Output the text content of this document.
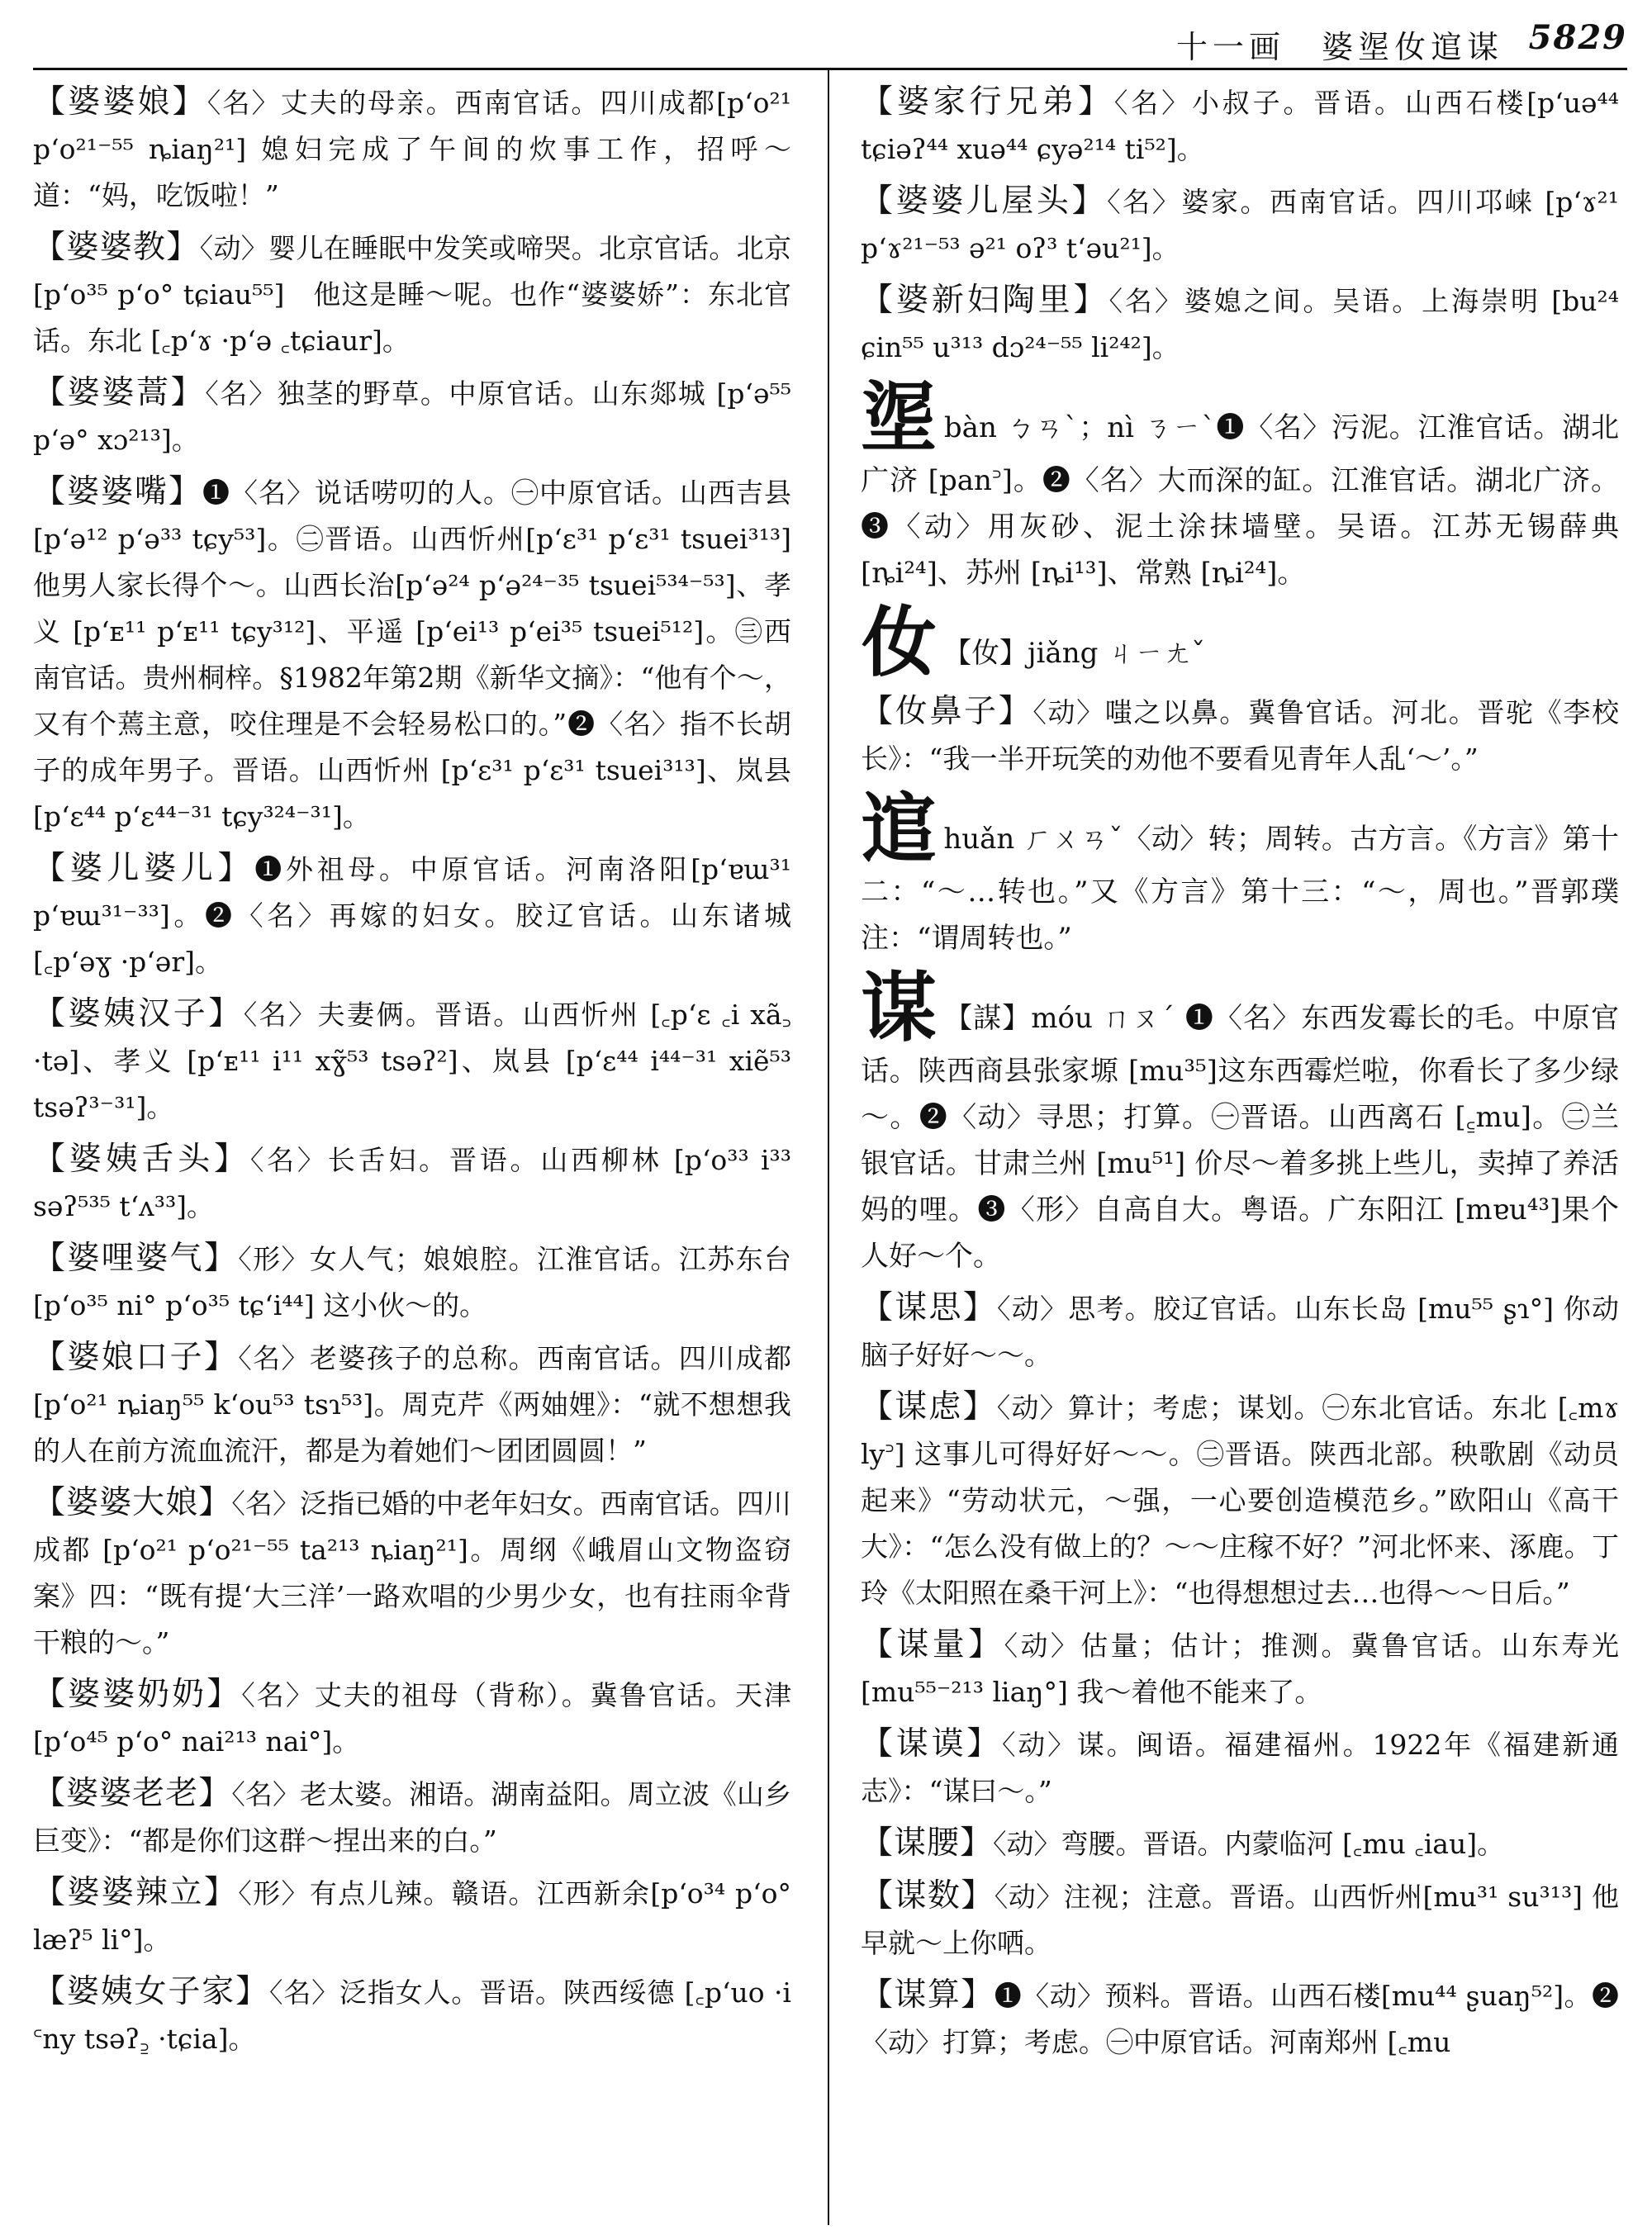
十一画　婆埿㚢逭谋 5829
【婆婆娘】〈名〉丈夫的母亲。西南官话。四川成都[p‘o²¹ p‘o²¹⁻⁵⁵ ȵiaŋ²¹] 媳妇完成了午间的炊事工作，招呼～道：“妈，吃饭啦！”
【婆婆教】〈动〉婴儿在睡眠中发笑或啼哭。北京官话。北京 [p‘o³⁵ p‘o° tɕiau⁵⁵]　他这是睡～呢。也作“婆婆娇”：东北官话。东北 [꜀p‘ɤ ·p‘ə ꜀tɕiaur]。
【婆婆蒿】〈名〉独茎的野草。中原官话。山东郯城 [p‘ə⁵⁵ p‘ə° xɔ²¹³]。
【婆婆嘴】❶〈名〉说话唠叨的人。㊀中原官话。山西吉县[p‘ə¹² p‘ə³³ tɕy⁵³]。㊁晋语。山西忻州[p‘ɛ³¹ p‘ɛ³¹ tsuei³¹³]他男人家长得个～。山西长治[p‘ə²⁴ p‘ə²⁴⁻³⁵ tsuei⁵³⁴⁻⁵³]、孝义 [p‘ᴇ¹¹ p‘ᴇ¹¹ tɕy³¹²]、平遥 [p‘ei¹³ p‘ei³⁵ tsuei⁵¹²]。㊂西南官话。贵州桐梓。§1982年第2期《新华文摘》：“他有个～，又有个蔫主意，咬住理是不会轻易松口的。”❷〈名〉指不长胡子的成年男子。晋语。山西忻州 [p‘ɛ³¹ p‘ɛ³¹ tsuei³¹³]、岚县 [p‘ɛ⁴⁴ p‘ɛ⁴⁴⁻³¹ tɕy³²⁴⁻³¹]。
【婆儿婆儿】❶外祖母。中原官话。河南洛阳[p‘ɐɯ³¹ p‘ɐɯ³¹⁻³³]。❷〈名〉再嫁的妇女。胶辽官话。山东诸城 [꜀p‘əɣ ·p‘ər]。
【婆姨汉子】〈名〉夫妻俩。晋语。山西忻州 [꜀p‘ɛ ꜀i xã꜆ ·tə]、孝义 [p‘ᴇ¹¹ i¹¹ xɣ̃⁵³ tsəʔ²]、岚县 [p‘ɛ⁴⁴ i⁴⁴⁻³¹ xiẽ⁵³ tsəʔ³⁻³¹]。
【婆姨舌头】〈名〉长舌妇。晋语。山西柳林 [p‘o³³ i³³ səʔ⁵³⁵ t‘ʌ³³]。
【婆哩婆气】〈形〉女人气；娘娘腔。江淮官话。江苏东台 [p‘o³⁵ ni° p‘o³⁵ tɕ‘i⁴⁴] 这小伙～的。
【婆娘口子】〈名〉老婆孩子的总称。西南官话。四川成都 [p‘o²¹ ȵiaŋ⁵⁵ k‘ou⁵³ tsɿ⁵³]。周克芹《两妯娌》：“就不想想我的人在前方流血流汗，都是为着她们～团团圆圆！”
【婆婆大娘】〈名〉泛指已婚的中老年妇女。西南官话。四川成都 [p‘o²¹ p‘o²¹⁻⁵⁵ ta²¹³ ȵiaŋ²¹]。周纲《峨眉山文物盗窃案》四：“既有提‘大三洋’一路欢唱的少男少女，也有拄雨伞背干粮的～。”
【婆婆奶奶】〈名〉丈夫的祖母（背称）。冀鲁官话。天津 [p‘o⁴⁵ p‘o° nai²¹³ nai°]。
【婆婆老老】〈名〉老太婆。湘语。湖南益阳。周立波《山乡巨变》：“都是你们这群～捏出来的白。”
【婆婆辣立】〈形〉有点儿辣。赣语。江西新余[p‘o³⁴ p‘o° læʔ⁵ li°]。
【婆姨女子家】〈名〉泛指女人。晋语。陕西绥德 [꜀p‘uo ·i ꜂ny tsəʔ꜇ ·tɕia]。
【婆家行兄弟】〈名〉小叔子。晋语。山西石楼[p‘uə⁴⁴ tɕiəʔ⁴⁴ xuə⁴⁴ ɕyə²¹⁴ ti⁵²]。
【婆婆儿屋头】〈名〉婆家。西南官话。四川邛崃 [p‘ɤ²¹ p‘ɤ²¹⁻⁵³ ə²¹ oʔ³ t‘əu²¹]。
【婆新妇陶里】〈名〉婆媳之间。吴语。上海崇明 [bu²⁴ ɕin⁵⁵ u³¹³ dɔ²⁴⁻⁵⁵ li²⁴²]。
埿bàn ㄅㄢˋ；nì ㄋㄧˋ❶〈名〉污泥。江淮官话。湖北广济 [pan꜄]。❷〈名〉大而深的缸。江淮官话。湖北广济。❸〈动〉用灰砂、泥土涂抹墙壁。吴语。江苏无锡薛典 [ȵi²⁴]、苏州 [ȵi¹³]、常熟 [ȵi²⁴]。
㚢 【㚢】jiǎng ㄐㄧㄤˇ
【㚢鼻子】〈动〉嗤之以鼻。冀鲁官话。河北。晋驼《李校长》：“我一半开玩笑的劝他不要看见青年人乱‘～’。”
逭huǎn ㄏㄨㄢˇ〈动〉转；周转。古方言。《方言》第十二：“～…转也。”又《方言》第十三：“～，周也。”晋郭璞注：“谓周转也。”
谋 【謀】móu ㄇㄡˊ ❶〈名〉东西发霉长的毛。中原官话。陕西商县张家塬 [mu³⁵]这东西霉烂啦，你看长了多少绿～。❷〈动〉寻思；打算。㊀晋语。山西离石 [꜁mu]。㊁兰银官话。甘肃兰州 [mu⁵¹] 价尽～着多挑上些儿，卖掉了养活妈的哩。❸〈形〉自高自大。粤语。广东阳江 [mɐu⁴³]果个人好～个。
【谋思】〈动〉思考。胶辽官话。山东长岛 [mu⁵⁵ ʂɿ°] 你动脑子好好～～。
【谋虑】〈动〉算计；考虑；谋划。㊀东北官话。东北 [꜀mɤ ly꜄] 这事儿可得好好～～。㊁晋语。陕西北部。秧歌剧《动员起来》“劳动状元，～强，一心要创造模范乡。”欧阳山《高干大》：“怎么没有做上的？～～庄稼不好？”河北怀来、涿鹿。丁玲《太阳照在桑干河上》：“也得想想过去…也得～～日后。”
【谋量】〈动〉估量；估计；推测。冀鲁官话。山东寿光 [mu⁵⁵⁻²¹³ liaŋ°] 我～着他不能来了。
【谋谟】〈动〉谋。闽语。福建福州。1922年《福建新通志》：“谋曰～。”
【谋腰】〈动〉弯腰。晋语。内蒙临河 [꜀mu ꜀iau]。
【谋数】〈动〉注视；注意。晋语。山西忻州[mu³¹ su³¹³] 他早就～上你哂。
【谋算】❶〈动〉预料。晋语。山西石楼[mu⁴⁴ ʂuaŋ⁵²]。❷〈动〉打算；考虑。㊀中原官话。河南郑州 [꜀mu
